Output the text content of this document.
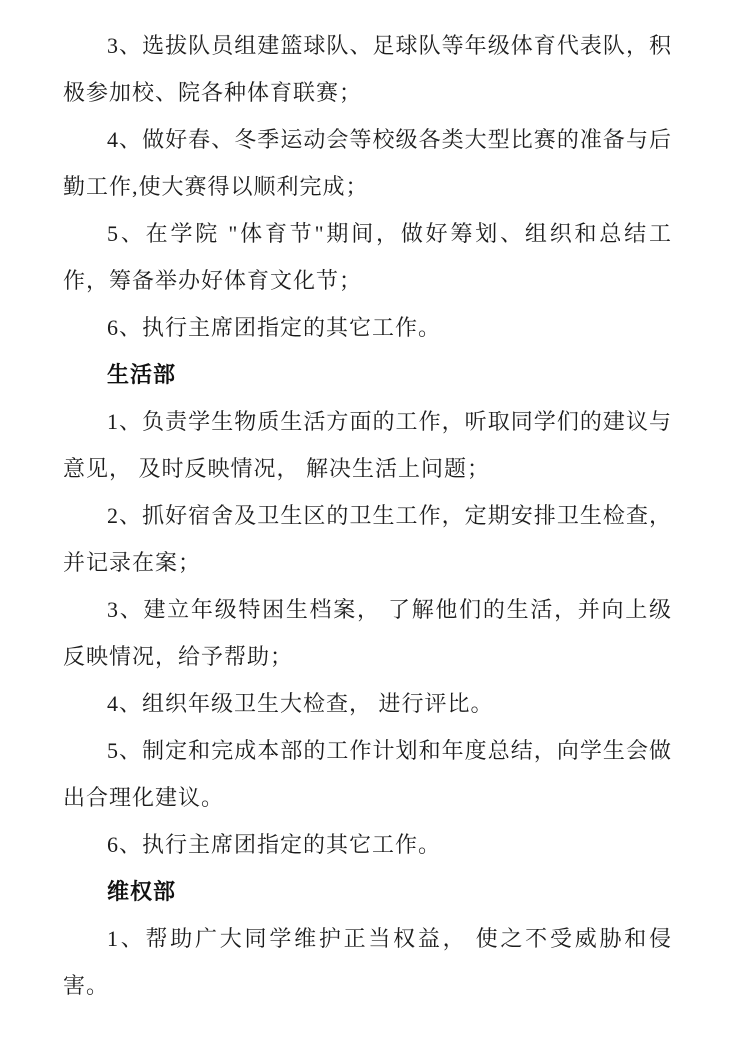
3、选拔队员组建篮球队、足球队等年级体育代表队，积极参加校、院各种体育联赛；

4、做好春、冬季运动会等校级各类大型比赛的准备与后勤工作,使大赛得以顺利完成；

5、在学院 "体育节"期间，做好筹划、组织和总结工作，筹备举办好体育文化节；

6、执行主席团指定的其它工作。

生活部

1、负责学生物质生活方面的工作，听取同学们的建议与意见， 及时反映情况， 解决生活上问题；

2、抓好宿舍及卫生区的卫生工作，定期安排卫生检查，并记录在案；

3、建立年级特困生档案， 了解他们的生活，并向上级反映情况，给予帮助；

4、组织年级卫生大检查， 进行评比。

5、制定和完成本部的工作计划和年度总结，向学生会做出合理化建议。

6、执行主席团指定的其它工作。

维权部

1、帮助广大同学维护正当权益， 使之不受威胁和侵害。
